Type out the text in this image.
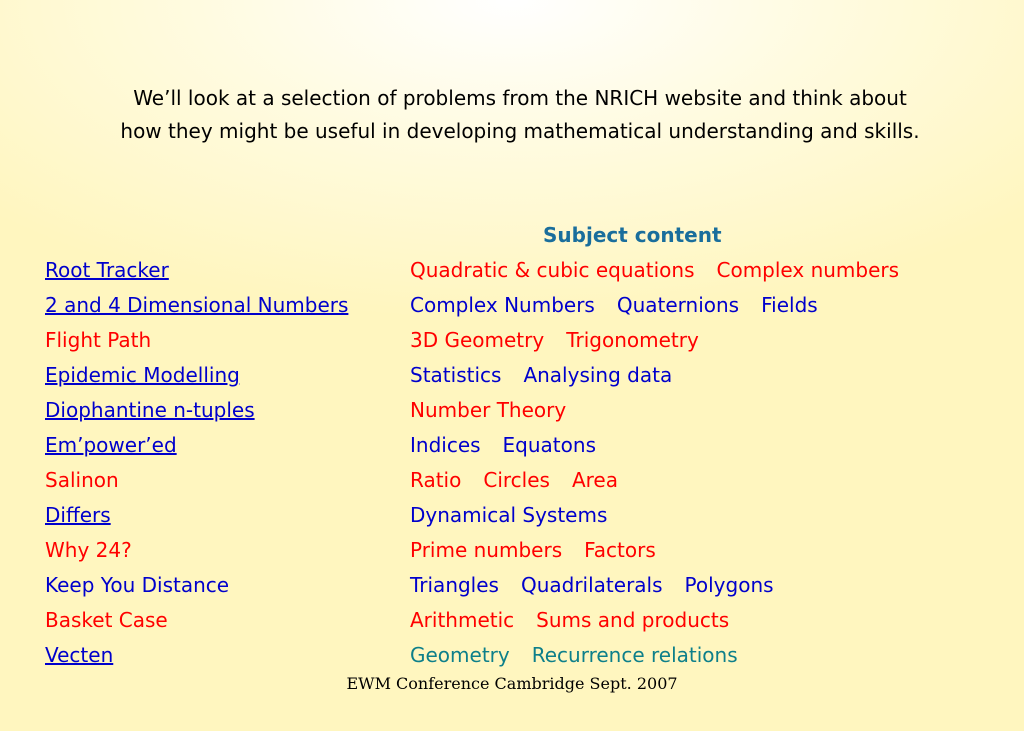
We’ll look at a selection of problems from the NRICH website and think about
how they might be useful in developing mathematical understanding and skills.
Subject content
Root Tracker	Quadratic & cubic equations Complex numbers
2 and 4 Dimensional Numbers	Complex Numbers Quaternions Fields
Flight Path	3D Geometry Trigonometry
Epidemic Modelling	Statistics Analysing data
Diophantine n-tuples	Number Theory
Em’power’ed	Indices Equatons
Salinon	Ratio Circles Area
Differs	Dynamical Systems
Why 24?	Prime numbers Factors
Keep You Distance	Triangles Quadrilaterals Polygons
Basket Case	Arithmetic Sums and products
Vecten	Geometry Recurrence relations
EWM Conference Cambridge Sept. 2007
